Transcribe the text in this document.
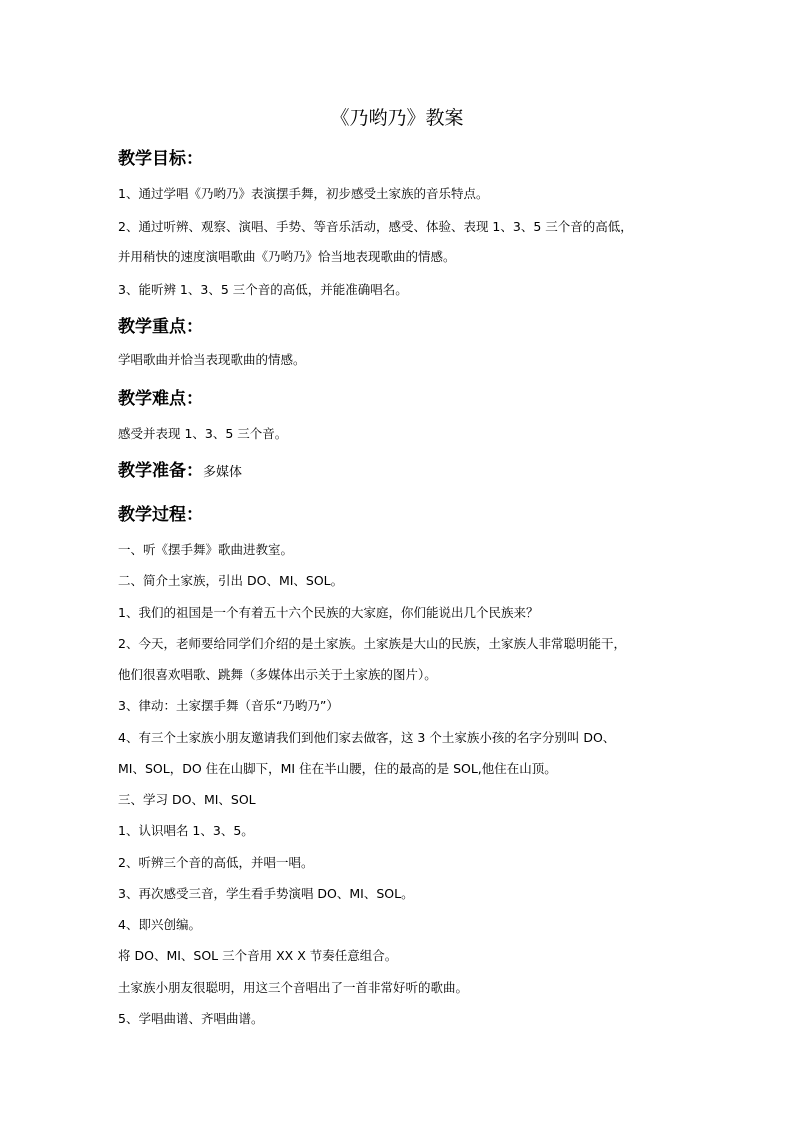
《乃哟乃》教案
教学目标：
1、通过学唱《乃哟乃》表演摆手舞，初步感受土家族的音乐特点。
2、通过听辨、观察、演唱、手势、等音乐活动，感受、体验、表现 1、3、5 三个音的高低，
并用稍快的速度演唱歌曲《乃哟乃》恰当地表现歌曲的情感。
3、能听辨 1、3、5 三个音的高低，并能准确唱名。
教学重点：
学唱歌曲并恰当表现歌曲的情感。
教学难点：
感受并表现 1、3、5 三个音。
教学准备：多媒体
教学过程：
一、听《摆手舞》歌曲进教室。
二、简介土家族，引出 DO、MI、SOL。
1、我们的祖国是一个有着五十六个民族的大家庭，你们能说出几个民族来？
2、今天，老师要给同学们介绍的是土家族。土家族是大山的民族，土家族人非常聪明能干，
他们很喜欢唱歌、跳舞（多媒体出示关于土家族的图片）。
3、律动：土家摆手舞（音乐“乃哟乃”）
4、有三个土家族小朋友邀请我们到他们家去做客，这 3 个土家族小孩的名字分别叫 DO、
MI、SOL，DO 住在山脚下，MI 住在半山腰，住的最高的是 SOL,他住在山顶。
三、学习 DO、MI、SOL
1、认识唱名 1、3、5。
2、听辨三个音的高低，并唱一唱。
3、再次感受三音，学生看手势演唱 DO、MI、SOL。
4、即兴创编。
将 DO、MI、SOL 三个音用 XX X 节奏任意组合。
土家族小朋友很聪明，用这三个音唱出了一首非常好听的歌曲。
5、学唱曲谱、齐唱曲谱。
